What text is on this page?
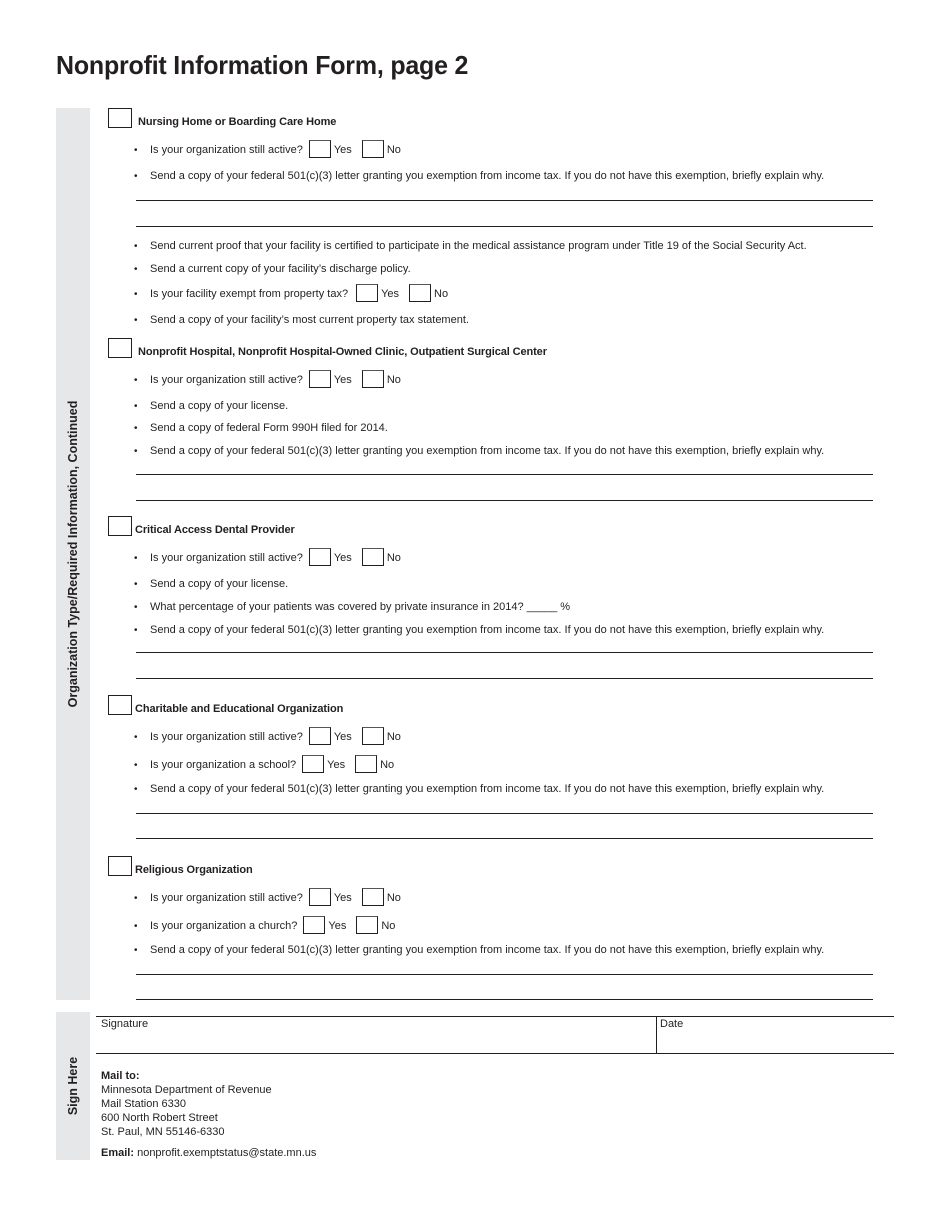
Nonprofit Information Form, page 2
Organization Type/Required Information, Continued
Sign Here
Nursing Home or Boarding Care Home
•	Is your organization still active?	Yes	No
•	Send a copy of your federal 501(c)(3) letter granting you exemption from income tax. If you do not have this exemption, briefly explain why.
•	Send current proof that your facility is certified to participate in the medical assistance program under Title 19 of the Social Security Act.
•	Send a current copy of your facility’s discharge policy.
•	Is your facility exempt from property tax?	Yes	No
•	Send a copy of your facility’s most current property tax statement.
Nonprofit Hospital, Nonprofit Hospital-Owned Clinic, Outpatient Surgical Center
•	Is your organization still active?	Yes	No
•	Send a copy of your license.
•	Send a copy of federal Form 990H filed for 2014.
•	Send a copy of your federal 501(c)(3) letter granting you exemption from income tax. If you do not have this exemption, briefly explain why.
Critical Access Dental Provider
•	Is your organization still active?	Yes	No
•	Send a copy of your license.
•	What percentage of your patients was covered by private insurance in 2014? _____ %
•	Send a copy of your federal 501(c)(3) letter granting you exemption from income tax. If you do not have this exemption, briefly explain why.
Charitable and Educational Organization
•	Is your organization still active?	Yes	No
•	Is your organization a school?	Yes	No
•	Send a copy of your federal 501(c)(3) letter granting you exemption from income tax. If you do not have this exemption, briefly explain why.
Religious Organization
•	Is your organization still active?	Yes	No
•	Is your organization a church?	Yes	No
•	Send a copy of your federal 501(c)(3) letter granting you exemption from income tax. If you do not have this exemption, briefly explain why.
Signature	Date
Mail to:
Minnesota Department of Revenue
Mail Station 6330
600 North Robert Street
St. Paul, MN 55146-6330
Email: nonprofit.exemptstatus@state.mn.us
